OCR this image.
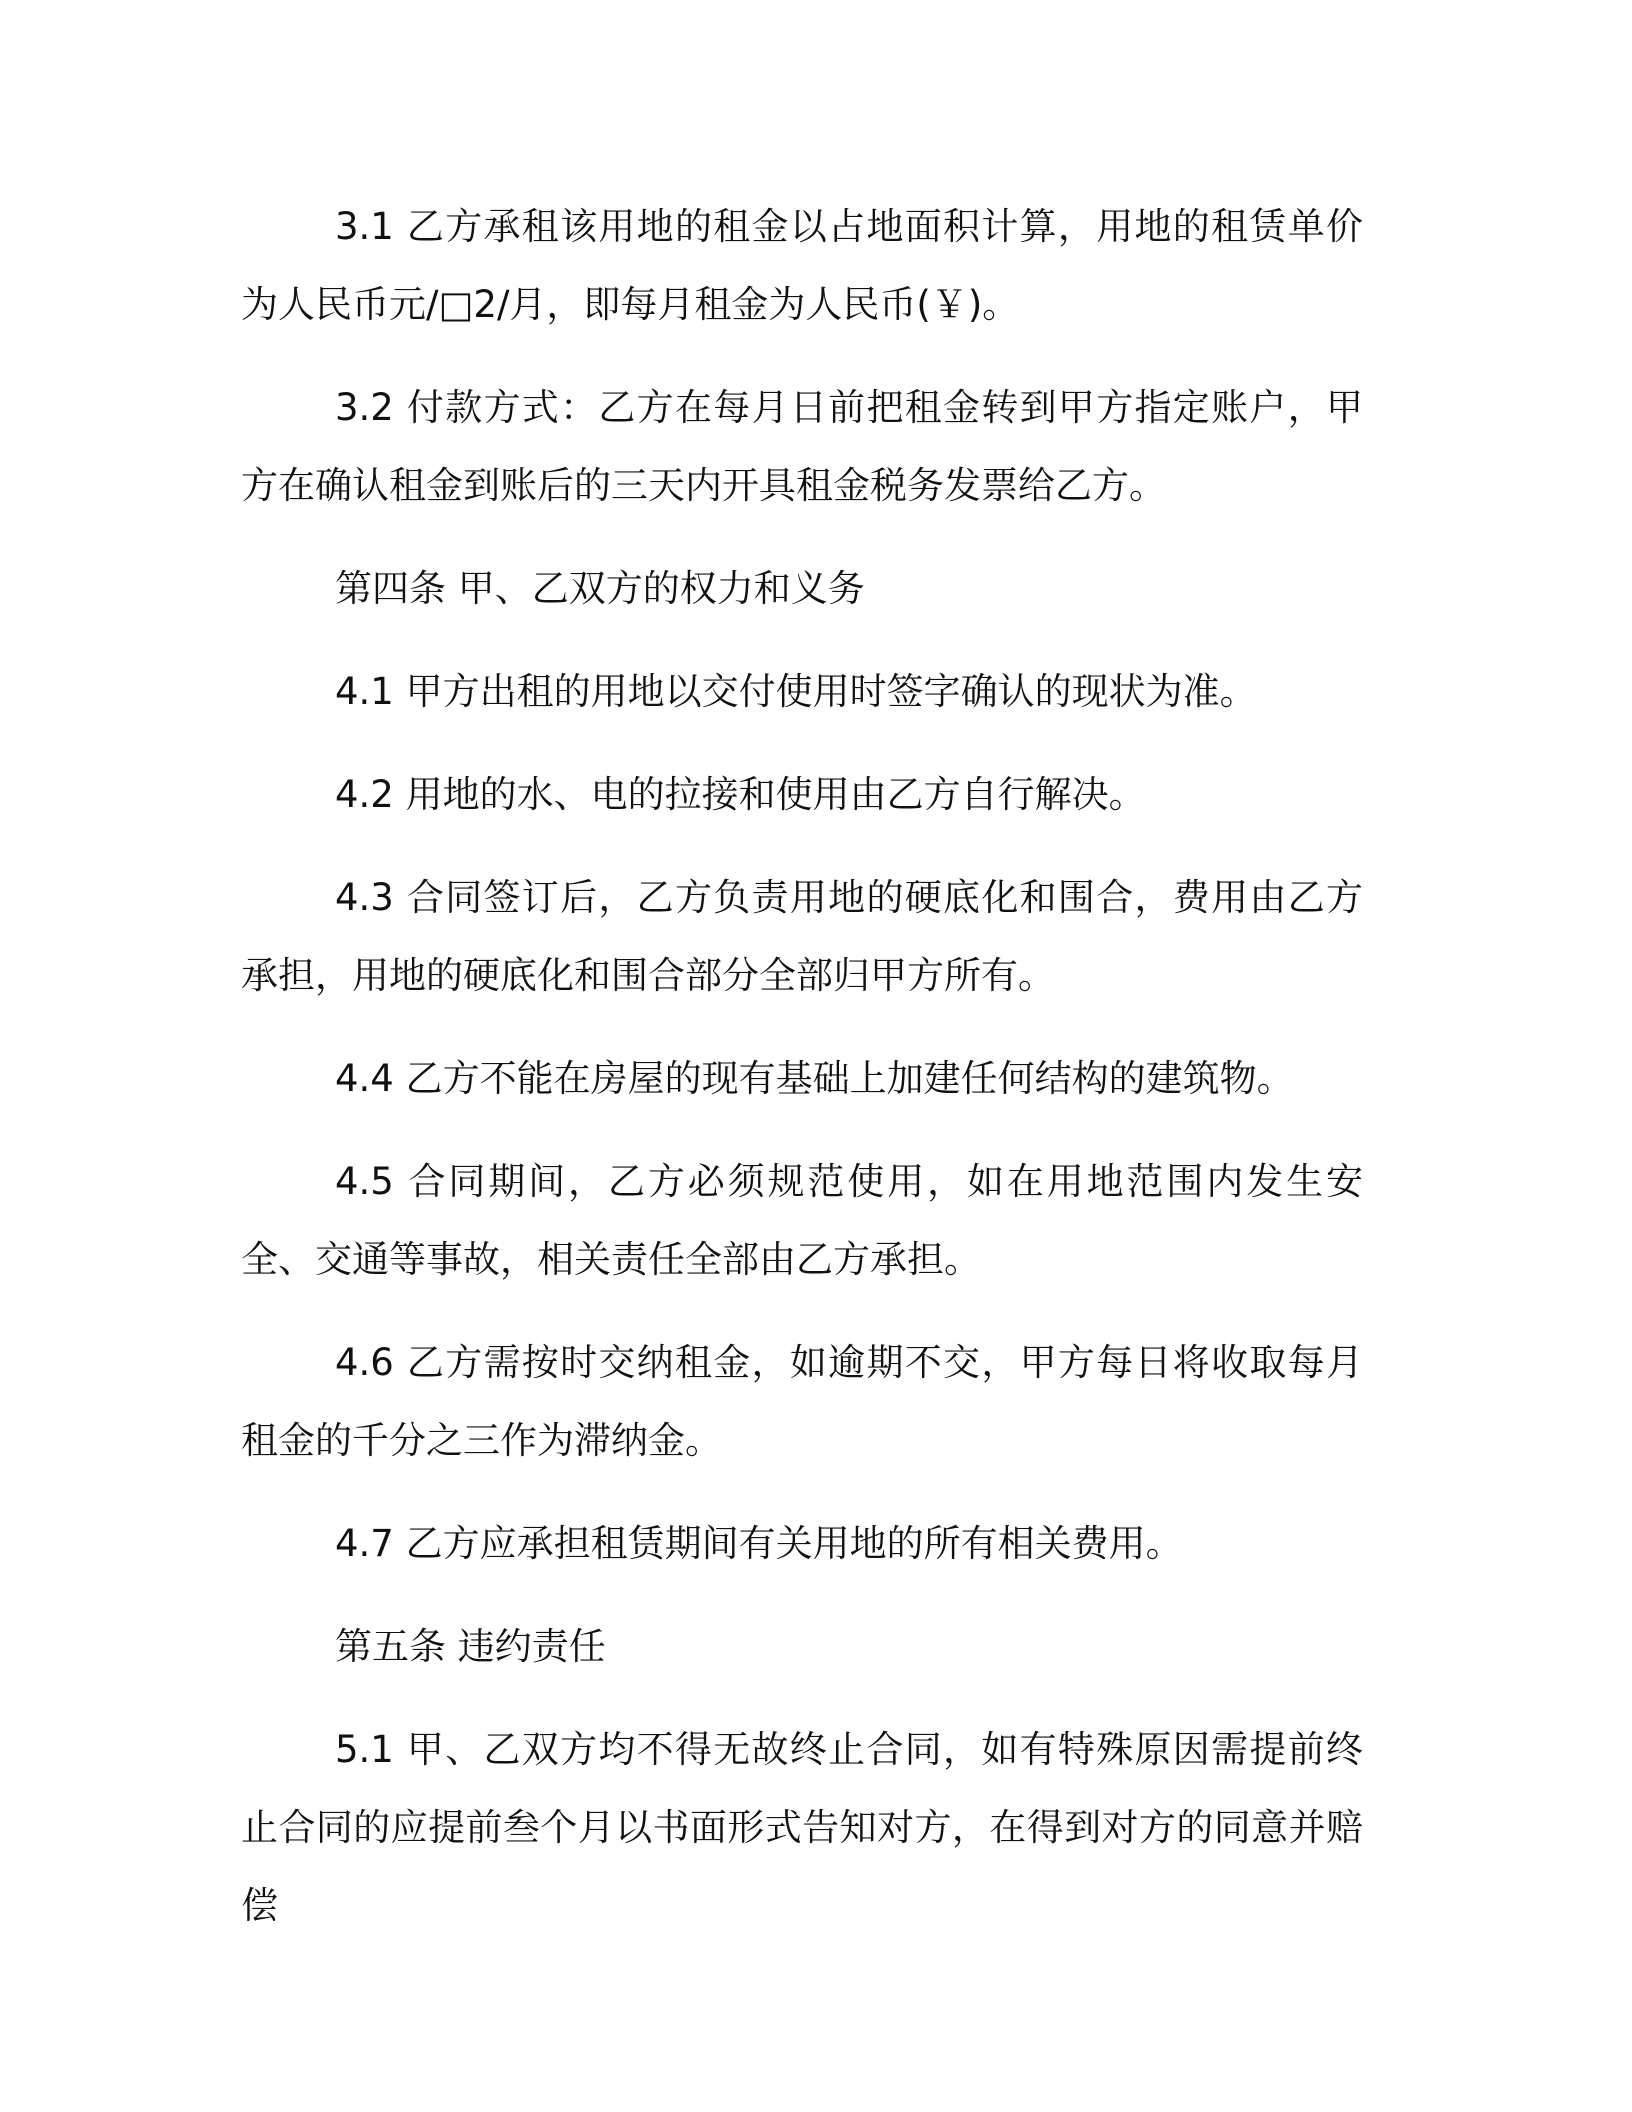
3.1 乙方承租该用地的租金以占地面积计算，用地的租赁单价为人民币元/□2/月，即每月租金为人民币(￥)。

3.2 付款方式：乙方在每月日前把租金转到甲方指定账户，甲方在确认租金到账后的三天内开具租金税务发票给乙方。

第四条 甲、乙双方的权力和义务

4.1 甲方出租的用地以交付使用时签字确认的现状为准。

4.2 用地的水、电的拉接和使用由乙方自行解决。

4.3 合同签订后，乙方负责用地的硬底化和围合，费用由乙方承担，用地的硬底化和围合部分全部归甲方所有。

4.4 乙方不能在房屋的现有基础上加建任何结构的建筑物。

4.5 合同期间，乙方必须规范使用，如在用地范围内发生安全、交通等事故，相关责任全部由乙方承担。

4.6 乙方需按时交纳租金，如逾期不交，甲方每日将收取每月租金的千分之三作为滞纳金。

4.7 乙方应承担租赁期间有关用地的所有相关费用。

第五条 违约责任

5.1 甲、乙双方均不得无故终止合同，如有特殊原因需提前终止合同的应提前叁个月以书面形式告知对方，在得到对方的同意并赔偿
